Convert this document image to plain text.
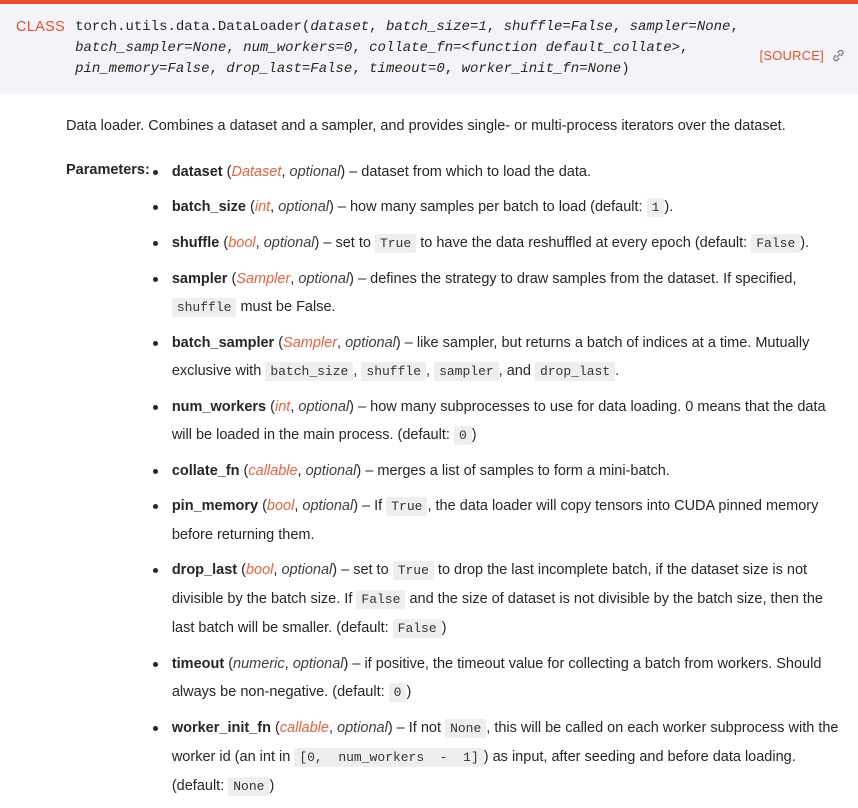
CLASS torch.utils.data.DataLoader(dataset, batch_size=1, shuffle=False, sampler=None,
batch_sampler=None, num_workers=0, collate_fn=<function default_collate>,
pin_memory=False, drop_last=False, timeout=0, worker_init_fn=None)
[SOURCE]

Data loader. Combines a dataset and a sampler, and provides single- or multi-process iterators over the dataset.

Parameters:	dataset (Dataset, optional) – dataset from which to load the data.
batch_size (int, optional) – how many samples per batch to load (default: 1 ).
shuffle (bool, optional) – set to True to have the data reshuffled at every epoch (default: False ).
sampler (Sampler, optional) – defines the strategy to draw samples from the dataset. If specified, shuffle must be False.
batch_sampler (Sampler, optional) – like sampler, but returns a batch of indices at a time. Mutually exclusive with batch_size , shuffle , sampler , and drop_last .
num_workers (int, optional) – how many subprocesses to use for data loading. 0 means that the data will be loaded in the main process. (default: 0 )
collate_fn (callable, optional) – merges a list of samples to form a mini-batch.
pin_memory (bool, optional) – If True , the data loader will copy tensors into CUDA pinned memory before returning them.
drop_last (bool, optional) – set to True to drop the last incomplete batch, if the dataset size is not divisible by the batch size. If False and the size of dataset is not divisible by the batch size, then the last batch will be smaller. (default: False )
timeout (numeric, optional) – if positive, the timeout value for collecting a batch from workers. Should always be non-negative. (default: 0 )
worker_init_fn (callable, optional) – If not None , this will be called on each worker subprocess with the worker id (an int in [0,  num_workers  -  1] ) as input, after seeding and before data loading. (default: None )
